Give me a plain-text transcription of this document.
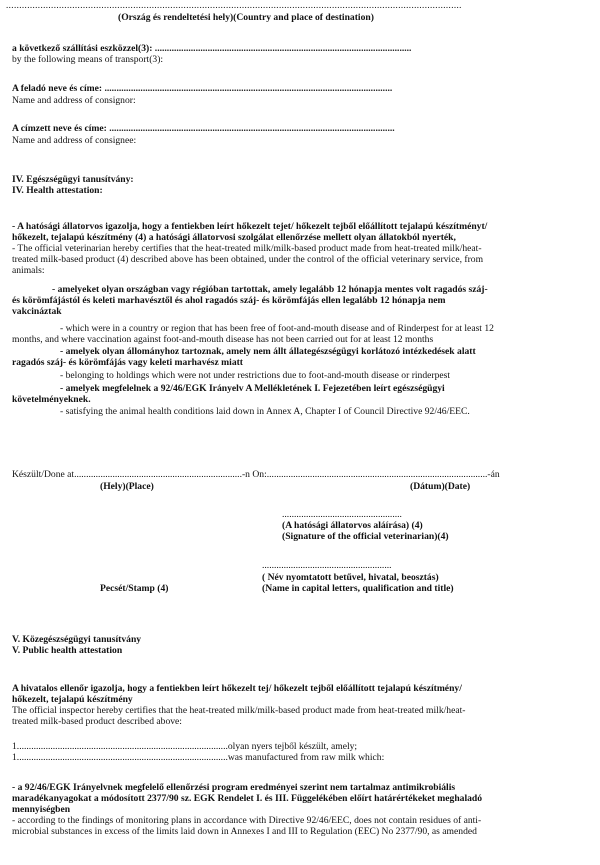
............................................................................................................................................................................
(Ország és rendeltetési hely)(Country and place of destination)
a következő szállítási eszközzel(3): ...........................................................................................................
by the following means of transport(3):
A feladó neve és címe: ........................................................................................................................
Name and address of consignor:
A címzett neve és címe: .......................................................................................................................
Name and address of consignee:
IV. Egészségügyi tanusítvány:
IV. Health attestation:
- A hatósági állatorvos igazolja, hogy a fentiekben leírt hőkezelt tejet/ hőkezelt tejből előállított tejalapú készítményt/
hőkezelt, tejalapú készítmény (4) a hatósági állatorvosi szolgálat ellenőrzése mellett olyan állatokból nyerték,
- The official veterinarian hereby certifies that the heat-treated milk/milk-based product made from heat-treated milk/heat-
treated milk-based product (4) described above has been obtained, under the control of the official veterinary service, from
animals:
- amelyeket olyan országban vagy régióban tartottak, amely legalább 12 hónapja mentes volt ragadós száj-
és körömfájástól és keleti marhavésztől és ahol ragadós száj- és körömfájás ellen legalább 12 hónapja nem
vakcináztak
- which were in a country or region that has been free of foot-and-mouth disease and of Rinderpest for at least 12
months, and where vaccination against foot-and-mouth disease has not been carried out for at least 12 months
- amelyek olyan állományhoz tartoznak, amely nem állt állategészségügyi korlátozó intézkedések alatt
ragadós száj- és körömfájás vagy keleti marhavész miatt
- belonging to holdings which were not under restrictions due to foot-and-mouth disease or rinderpest
- amelyek megfelelnek a 92/46/EGK Irányelv A Mellékletének I. Fejezetében leírt egészségügyi
követelményeknek.
- satisfying the animal health conditions laid down in Annex A, Chapter I of Council Directive 92/46/EEC.
Készült/Done at......................................................................-n On:............................................................................................-án
(Hely)(Place)	(Dátum)(Date)
..................................................
(A hatósági állatorvos aláírása) (4)
(Signature of the official veterinarian)(4)
......................................................
( Név nyomtatott betűvel, hivatal, beosztás)
Pecsét/Stamp (4)	(Name in capital letters, qualification and title)
V. Közegészségügyi tanusítvány
V. Public health attestation
A hivatalos ellenőr igazolja, hogy a fentiekben leírt hőkezelt tej/ hőkezelt tejből előállított tejalapú készítmény/
hőkezelt, tejalapú készítmény
The official inspector hereby certifies that the heat-treated milk/milk-based product made from heat-treated milk/heat-
treated milk-based product described above:
1........................................................................................olyan nyers tejből készült, amely;
1........................................................................................was manufactured from raw milk which:
- a 92/46/EGK Irányelvnek megfelelő ellenőrzési program eredményei szerint nem tartalmaz antimikrobiális
maradékanyagokat a módosított 2377/90 sz. EGK Rendelet I. és III. Függelékében előírt határértékeket meghaladó
mennyiségben
- according to the findings of monitoring plans in accordance with Directive 92/46/EEC, does not contain residues of anti-
microbial substances in excess of the limits laid down in Annexes I and III to Regulation (EEC) No 2377/90, as amended
